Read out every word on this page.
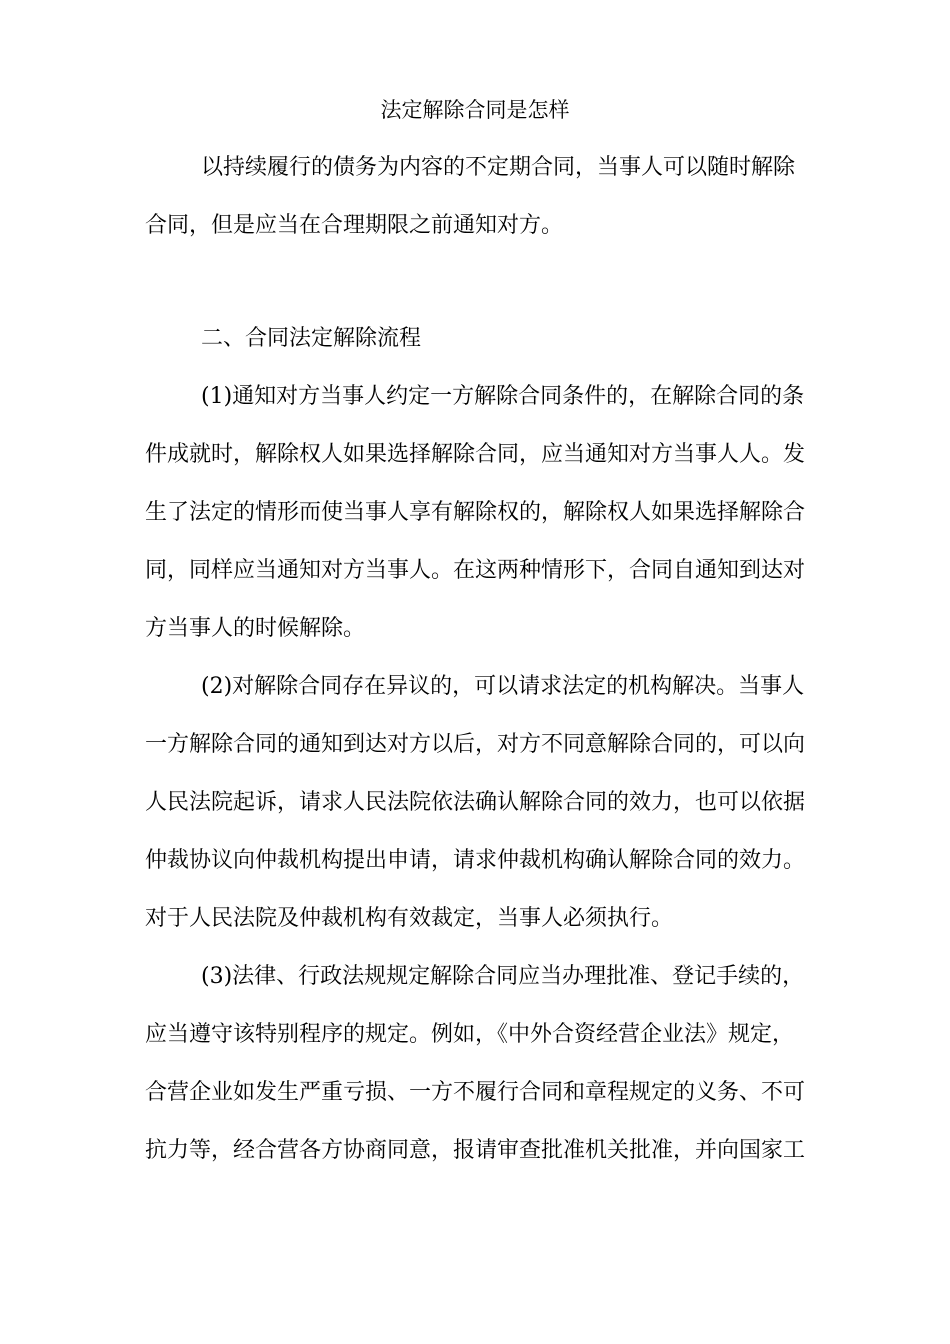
法定解除合同是怎样
以持续履行的债务为内容的不定期合同，当事人可以随时解除
合同，但是应当在合理期限之前通知对方。
二、合同法定解除流程
(1)通知对方当事人约定一方解除合同条件的，在解除合同的条
件成就时，解除权人如果选择解除合同，应当通知对方当事人人。发
生了法定的情形而使当事人享有解除权的，解除权人如果选择解除合
同，同样应当通知对方当事人。在这两种情形下，合同自通知到达对
方当事人的时候解除。
(2)对解除合同存在异议的，可以请求法定的机构解决。当事人
一方解除合同的通知到达对方以后，对方不同意解除合同的，可以向
人民法院起诉，请求人民法院依法确认解除合同的效力，也可以依据
仲裁协议向仲裁机构提出申请，请求仲裁机构确认解除合同的效力。
对于人民法院及仲裁机构有效裁定，当事人必须执行。
(3)法律、行政法规规定解除合同应当办理批准、登记手续的，
应当遵守该特别程序的规定。例如，《中外合资经营企业法》规定，
合营企业如发生严重亏损、一方不履行合同和章程规定的义务、不可
抗力等，经合营各方协商同意，报请审查批准机关批准，并向国家工
